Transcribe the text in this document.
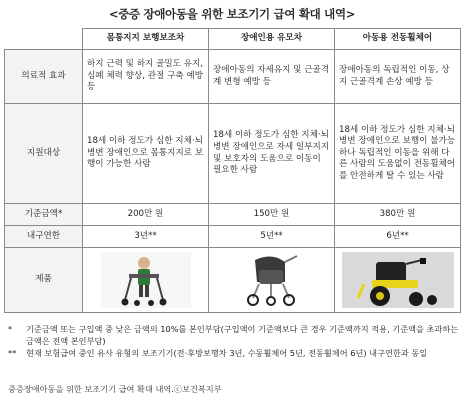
<중증 장애아동을 위한 보조기기 급여 확대 내역>
	몸통지지 보행보조차	장애인용 유모차	아동용 전동휠체어
의료적 효과	하지 근력 및 하지 골밀도 유지, 심폐 체력 향상, 관절 구축 예방 등	장애아동의 자세유지 및 근골격계 변형 예방 등	장애아동의 독립적인 이동, 상지 근골격계 손상 예방 등
지원대상	18세 이하 정도가 심한 지체·뇌병변 장애인으로 몸통지지로 보행이 가능한 사람	18세 이하 정도가 심한 지체·뇌병변 장애인으로 자세 일부지지 및 보호자의 도움으로 이동이 필요한 사람	18세 이하 정도가 심한 지체·뇌병변 장애인으로 보행이 불가능하나 독립적인 이동을 위해 다른 사람의 도움없이 전동휠체어를 안전하게 탈 수 있는 사람
기준금액*	200만 원	150만 원	380만 원
내구연한	3년**	5년**	6년**
제품	

*	기준금액 또는 구입액 중 낮은 금액의 10%를 본인부담(구입액이 기준액보다 큰 경우 기준액까지 적용, 기준액을 초과하는 금액은 전액 본인부담)
**	현재 보험급여 중인 유사 유형의 보조기기(전·후방보행차 3년, 수동휠체어 5년, 전동휠체어 6년) 내구연한과 동일
중증장애아동을 위한 보조기기 급여 확대 내역.ⓒ보건복지부
